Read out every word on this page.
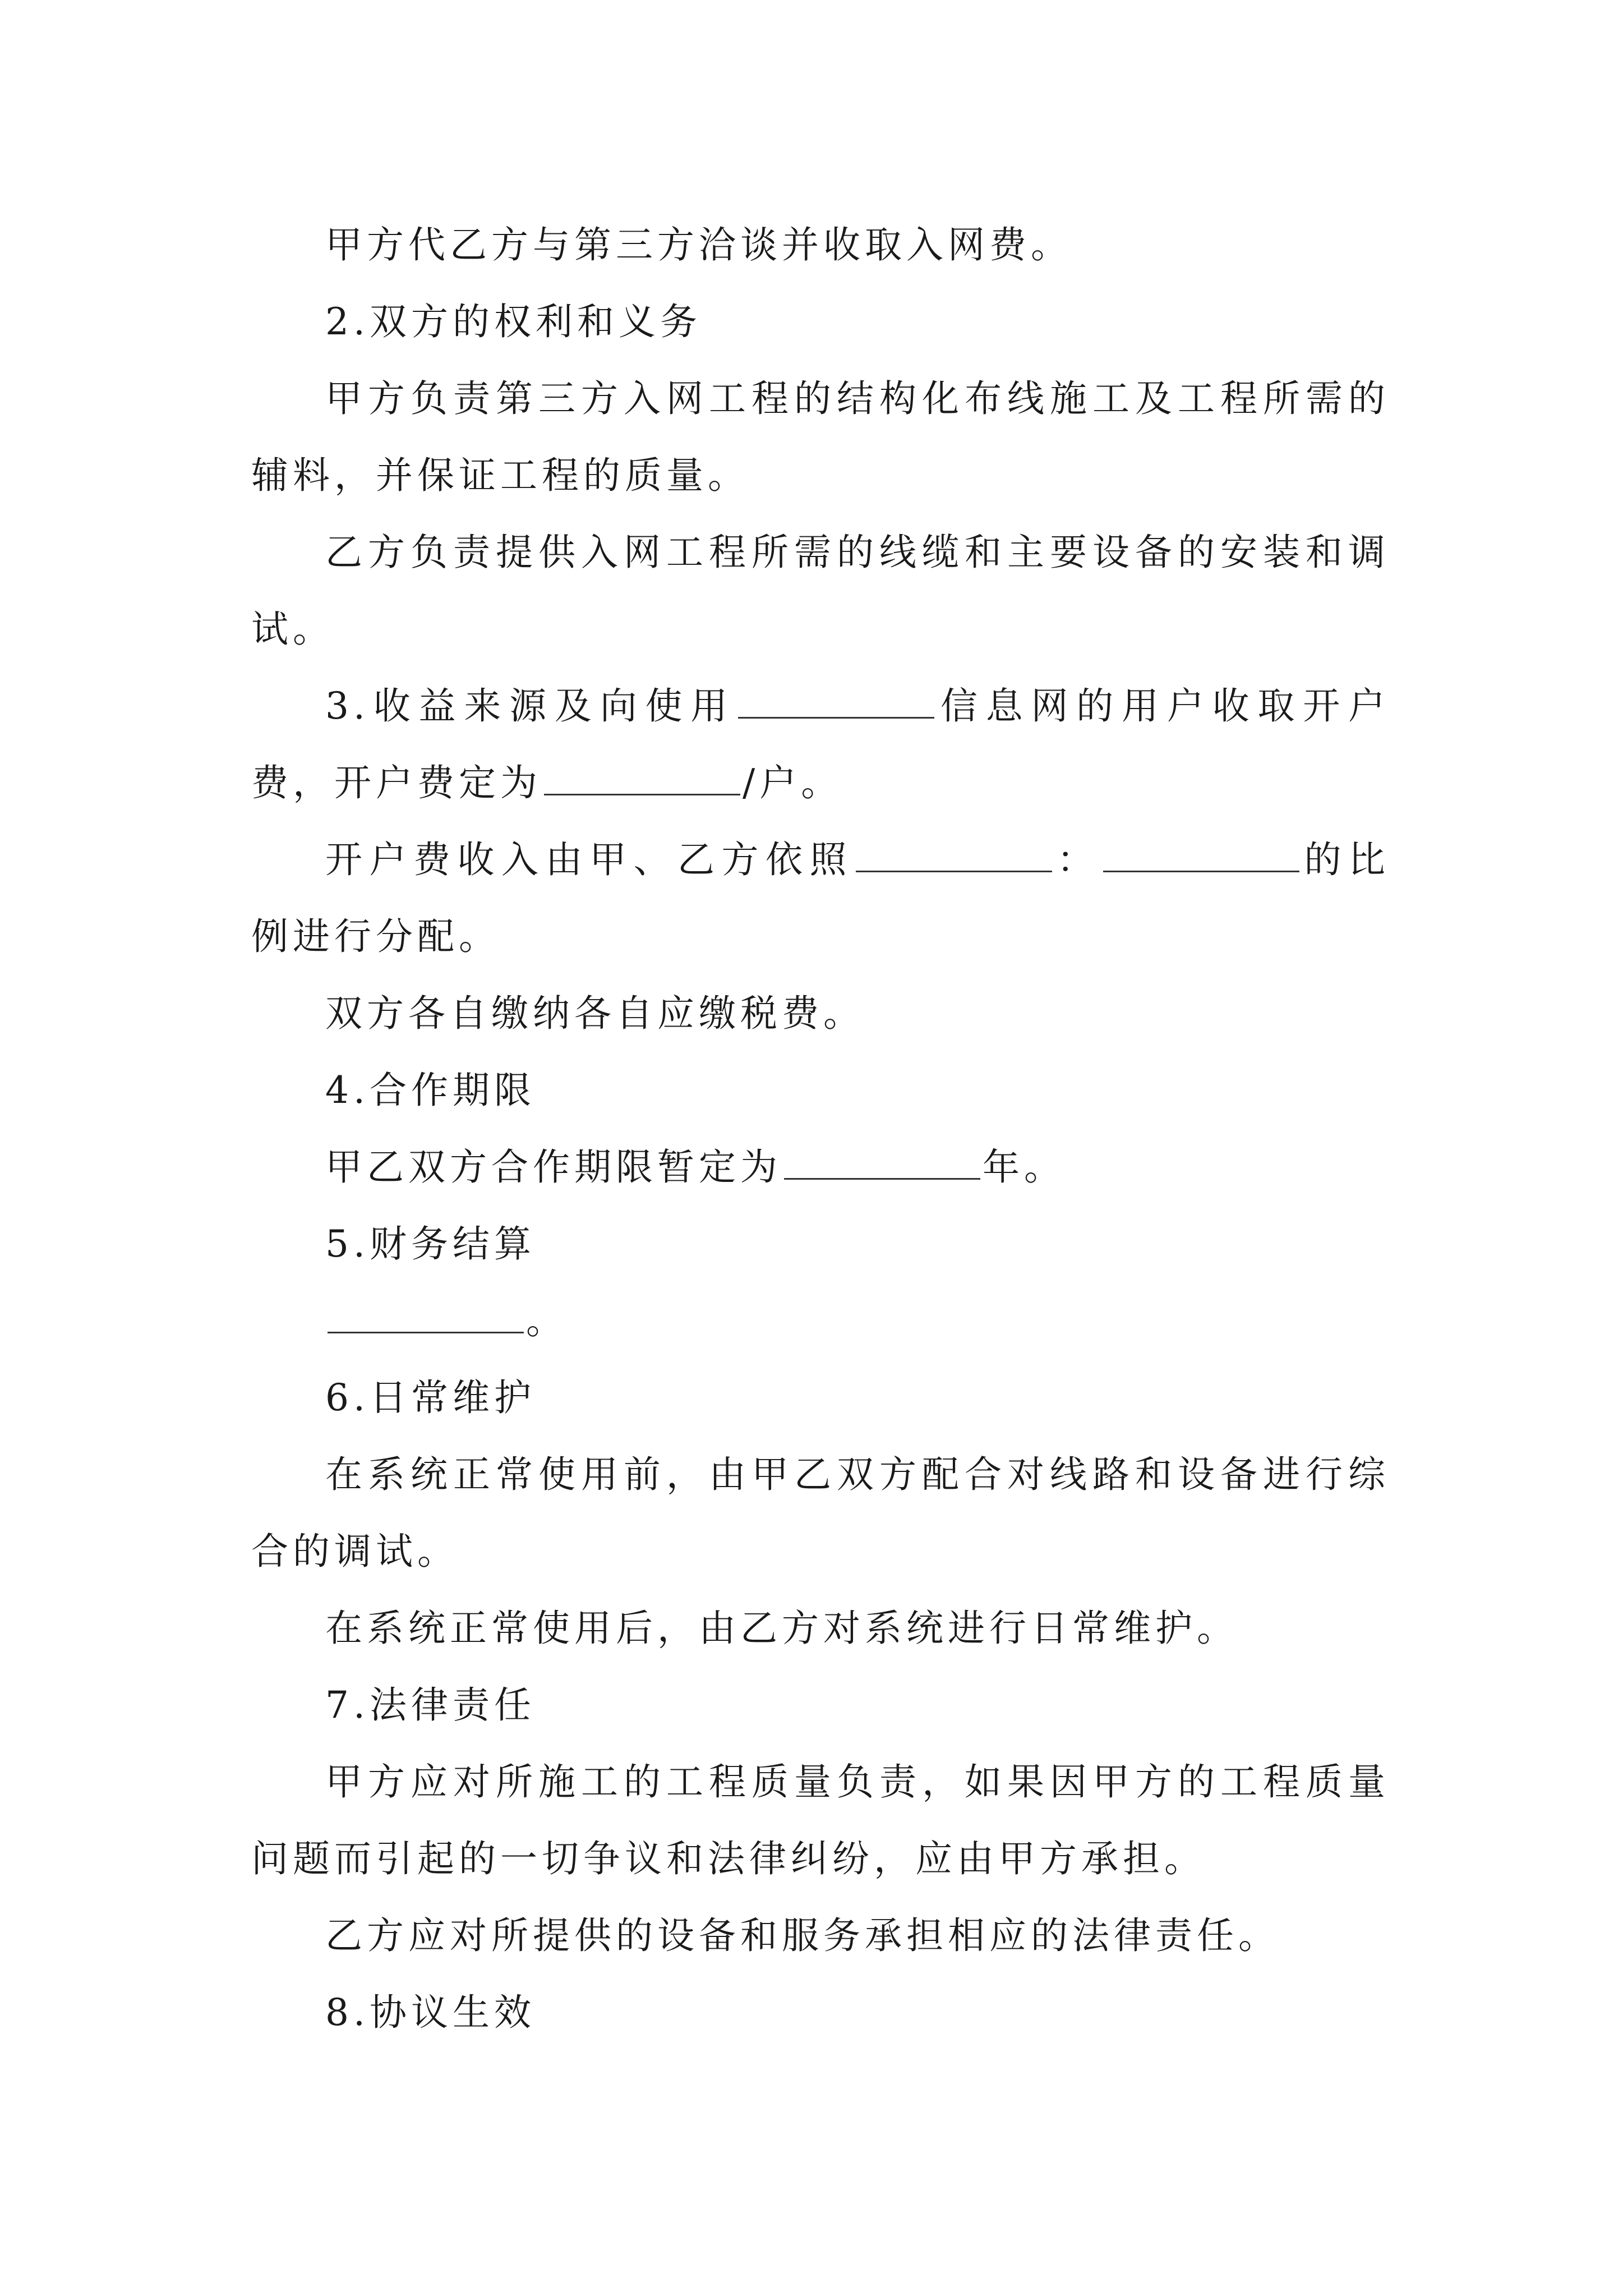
甲方代乙方与第三方洽谈并收取入网费。

2.双方的权利和义务

甲方负责第三方入网工程的结构化布线施工及工程所需的辅料，并保证工程的质量。

乙方负责提供入网工程所需的线缆和主要设备的安装和调试。

3.收益来源及向使用	信息网的用户收取开户费，开户费定为	/户。

开户费收入由甲、乙方依照	：	的比例进行分配。

双方各自缴纳各自应缴税费。

4.合作期限

甲乙双方合作期限暂定为	年。

5.财务结算

。

6.日常维护

在系统正常使用前，由甲乙双方配合对线路和设备进行综合的调试。

在系统正常使用后，由乙方对系统进行日常维护。

7.法律责任

甲方应对所施工的工程质量负责，如果因甲方的工程质量问题而引起的一切争议和法律纠纷，应由甲方承担。

乙方应对所提供的设备和服务承担相应的法律责任。

8.协议生效
